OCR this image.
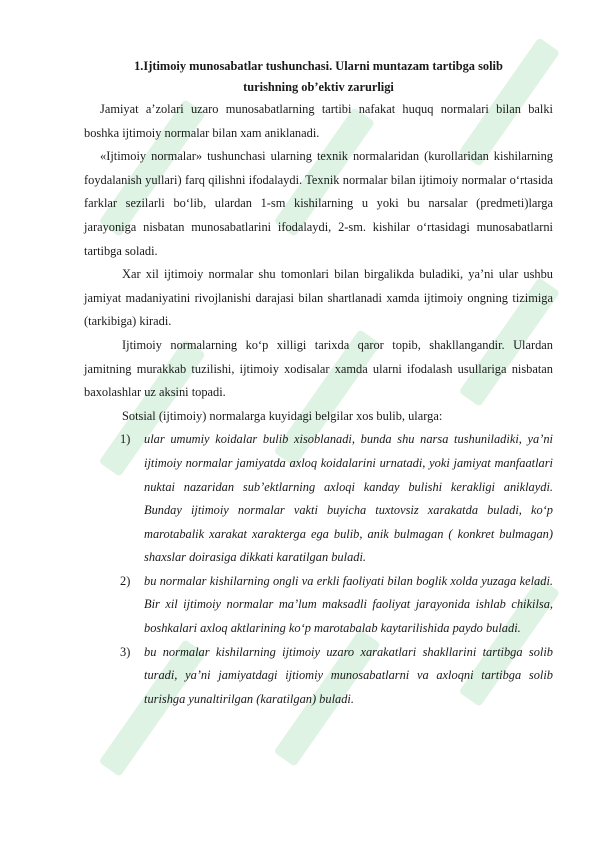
1.Ijtimoiy munosabatlar tushunchasi. Ularni muntazam tartibga solib
turishning ob’ektiv zarurligi

Jamiyat a’zolari uzaro munosabatlarning tartibi nafakat huquq normalari bilan balki boshka ijtimoiy normalar bilan xam aniklanadi.

«Ijtimoiy normalar» tushunchasi ularning texnik normalaridan (kurollaridan kishilarning foydalanish yullari) farq qilishni ifodalaydi. Texnik normalar bilan ijtimoiy normalar o‘rtasida farklar sezilarli bo‘lib, ulardan 1-sm kishilarning u yoki bu narsalar (predmeti)larga jarayoniga nisbatan munosabatlarini ifodalaydi, 2-sm. kishilar o‘rtasidagi munosabatlarni tartibga soladi.

Xar xil ijtimoiy normalar shu tomonlari bilan birgalikda buladiki, ya’ni ular ushbu jamiyat madaniyatini rivojlanishi darajasi bilan shartlanadi xamda ijtimoiy ongning tizimiga (tarkibiga) kiradi.

Ijtimoiy normalarning ko‘p xilligi tarixda qaror topib, shakllangandir. Ulardan jamitning murakkab tuzilishi, ijtimoiy xodisalar xamda ularni ifodalash usullariga nisbatan baxolashlar uz aksini topadi.

Sotsial (ijtimoiy) normalarga kuyidagi belgilar xos bulib, ularga:

1) ular umumiy koidalar bulib xisoblanadi, bunda shu narsa tushuniladiki, ya’ni ijtimoiy normalar jamiyatda axloq koidalarini urnatadi, yoki jamiyat manfaatlari nuktai nazaridan sub’ektlarning axloqi kanday bulishi kerakligi aniklaydi. Bunday ijtimoiy normalar vakti buyicha tuxtovsiz xarakatda buladi, ko‘p marotabalik xarakat xarakterga ega bulib, anik bulmagan ( konkret bulmagan) shaxslar doirasiga dikkati karatilgan buladi.
2) bu normalar kishilarning ongli va erkli faoliyati bilan boglik xolda yuzaga keladi. Bir xil ijtimoiy normalar ma’lum maksadli faoliyat jarayonida ishlab chikilsa, boshkalari axloq aktlarining ko‘p marotabalab kaytarilishida paydo buladi.
3) bu normalar kishilarning ijtimoiy uzaro xarakatlari shakllarini tartibga solib turadi, ya’ni jamiyatdagi ijtiomiy munosabatlarni va axloqni tartibga solib turishga yunaltirilgan (karatilgan) buladi.
